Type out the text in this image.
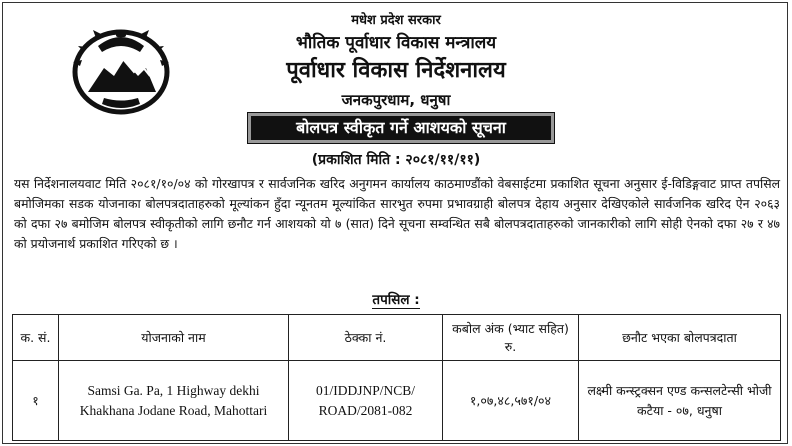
मधेश प्रदेश सरकार
भौतिक पूर्वाधार विकास मन्त्रालय
पूर्वाधार विकास निर्देशनालय
जनकपुरधाम, धनुषा
बोलपत्र स्वीकृत गर्ने आशयको सूचना
(प्रकाशित मिति : २०८१/११/११)

यस निर्देशनालयवाट मिति २०८१/१०/०४ को गोरखापत्र र सार्वजनिक खरिद अनुगमन कार्यालय काठमाण्डौंको वेबसाईटमा प्रकाशित सूचना अनुसार ई-विडिङ्गवाट प्राप्त तपसिल बमोजिमका सडक योजनाका बोलपत्रदाताहरुको मूल्यांकन हुँदा न्यूनतम मूल्यांकित सारभुत रुपमा प्रभावग्राही बोलपत्र देहाय अनुसार देखिएकोले सार्वजनिक खरिद ऐन २०६३ को दफा २७ बमोजिम बोलपत्र स्वीकृतीको लागि छनौट गर्न आशयको यो ७ (सात) दिने सूचना सम्वन्धित सबै बोलपत्रदाताहरुको जानकारीको लागि सोही ऐनको दफा २७ र ४७ को प्रयोजनार्थ प्रकाशित गरिएको छ ।

तपसिल :
क. सं.	योजनाको नाम	ठेक्का नं.	कबोल अंक (भ्याट सहित) रु.	छनौट भएका बोलपत्रदाता
१	Samsi Ga. Pa, 1 Highway dekhi Khakhana Jodane Road, Mahottari	01/IDDJNP/NCB/ ROAD/2081-082	१,०७,४८,५७१/०४	लक्ष्मी कन्स्ट्रक्सन एण्ड कन्सलटेन्सी भोजी कटैया - ०७, धनुषा
